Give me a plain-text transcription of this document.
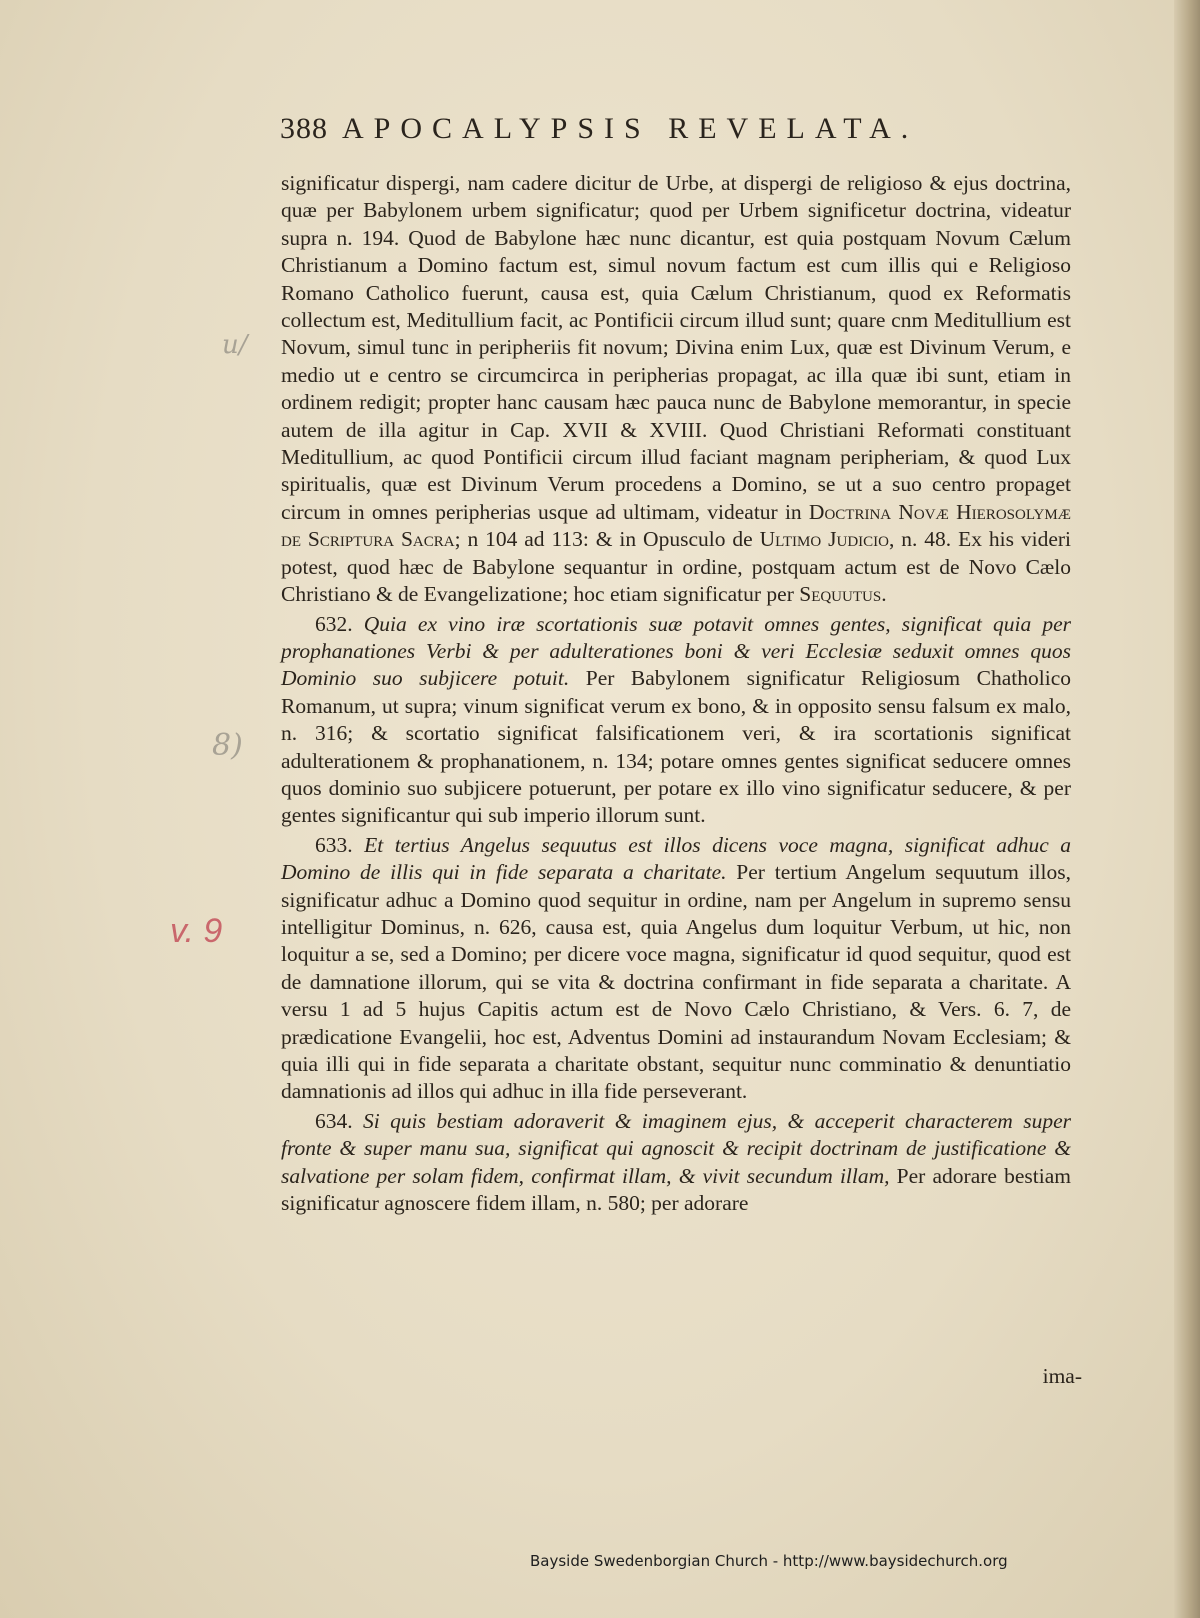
388 APOCALYPSIS REVELATA.

significatur dispergi, nam cadere dicitur de Urbe, at dispergi de religioso & ejus doctrina, quæ per Babylonem urbem significatur; quod per Urbem significetur doctrina, videatur supra n. 194. Quod de Babylone hæc nunc dicantur, est quia postquam Novum Cælum Christianum a Domino factum est, simul novum factum est cum illis qui e Religioso Romano Catholico fuerunt, causa est, quia Cælum Christianum, quod ex Reformatis collectum est, Meditullium facit, ac Pontificii circum illud sunt; quare cnm Meditullium est Novum, simul tunc in peripheriis fit novum; Divina enim Lux, quæ est Divinum Verum, e medio ut e centro se circumcirca in peripherias propagat, ac illa quæ ibi sunt, etiam in ordinem redigit; propter hanc causam hæc pauca nunc de Babylone memorantur, in specie autem de illa agitur in Cap. XVII & XVIII. Quod Christiani Reformati constituant Meditullium, ac quod Pontificii circum illud faciant magnam peripheriam, & quod Lux spiritualis, quæ est Divinum Verum procedens a Domino, se ut a suo centro propaget circum in omnes peripherias usque ad ultimam, videatur in Doctrina Novæ Hierosolymæ de Scriptura Sacra; n 104 ad 113: & in Opusculo de Ultimo Judicio, n. 48. Ex his videri potest, quod hæc de Babylone sequantur in ordine, postquam actum est de Novo Cælo Christiano & de Evangelizatione; hoc etiam significatur per Sequutus.

632. Quia ex vino iræ scortationis suæ potavit omnes gentes, significat quia per prophanationes Verbi & per adulterationes boni & veri Ecclesiæ seduxit omnes quos Dominio suo subjicere potuit. Per Babylonem significatur Religiosum Chatholico Romanum, ut supra; vinum significat verum ex bono, & in opposito sensu falsum ex malo, n. 316; & scortatio significat falsificationem veri, & ira scortationis significat adulterationem & prophanationem, n. 134; potare omnes gentes significat seducere omnes quos dominio suo subjicere potuerunt, per potare ex illo vino significatur seducere, & per gentes significantur qui sub imperio illorum sunt.

633. Et tertius Angelus sequutus est illos dicens voce magna, significat adhuc a Domino de illis qui in fide separata a charitate. Per tertium Angelum sequutum illos, significatur adhuc a Domino quod sequitur in ordine, nam per Angelum in supremo sensu intelligitur Dominus, n. 626, causa est, quia Angelus dum loquitur Verbum, ut hic, non loquitur a se, sed a Domino; per dicere voce magna, significatur id quod sequitur, quod est de damnatione illorum, qui se vita & doctrina confirmant in fide separata a charitate. A versu 1 ad 5 hujus Capitis actum est de Novo Cælo Christiano, & Vers. 6. 7, de prædicatione Evangelii, hoc est, Adventus Domini ad instaurandum Novam Ecclesiam; & quia illi qui in fide separata a charitate obstant, sequitur nunc comminatio & denuntiatio damnationis ad illos qui adhuc in illa fide perseverant.

634. Si quis bestiam adoraverit & imaginem ejus, & acceperit characterem super fronte & super manu sua, significat qui agnoscit & recipit doctrinam de justificatione & salvatione per solam fidem, confirmat illam, & vivit secundum illam, Per adorare bestiam significatur agnoscere fidem illam, n. 580; per adorare

ima-
v. 9
u/
8)
Bayside Swedenborgian Church - http://www.baysidechurch.org
